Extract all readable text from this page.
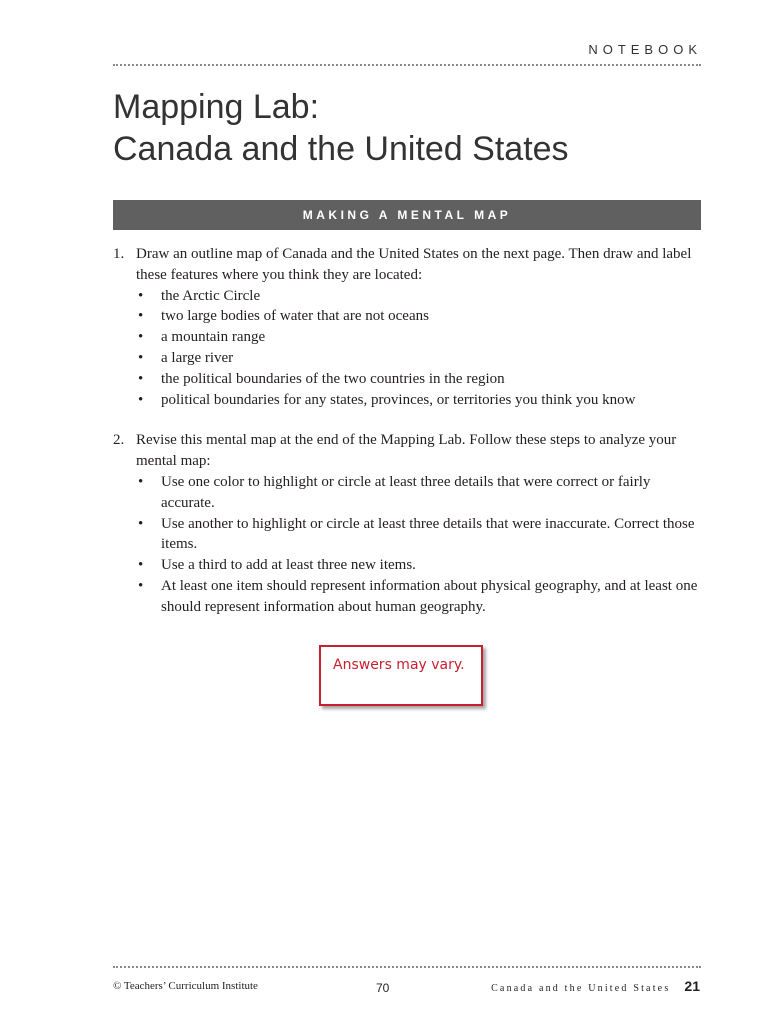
NOTEBOOK
Mapping Lab:
Canada and the United States
MAKING A MENTAL MAP
1. Draw an outline map of Canada and the United States on the next page. Then draw and label these features where you think they are located:
• the Arctic Circle
• two large bodies of water that are not oceans
• a mountain range
• a large river
• the political boundaries of the two countries in the region
• political boundaries for any states, provinces, or territories you think you know
2. Revise this mental map at the end of the Mapping Lab. Follow these steps to analyze your mental map:
• Use one color to highlight or circle at least three details that were correct or fairly accurate.
• Use another to highlight or circle at least three details that were inaccurate. Correct those items.
• Use a third to add at least three new items.
• At least one item should represent information about physical geography, and at least one should represent information about human geography.
Answers may vary.
© Teachers’ Curriculum Institute	70	Canada and the United States 21
